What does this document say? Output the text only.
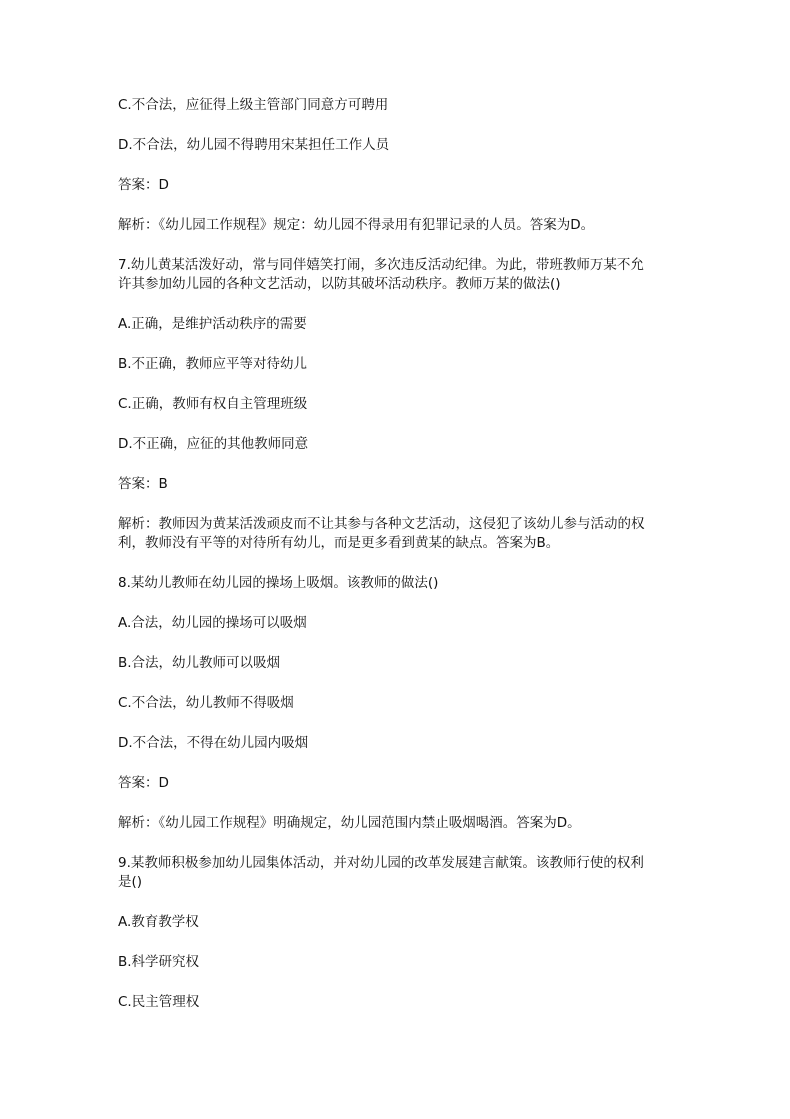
C.不合法，应征得上级主管部门同意方可聘用

D.不合法，幼儿园不得聘用宋某担任工作人员

答案：D

解析：《幼儿园工作规程》规定：幼儿园不得录用有犯罪记录的人员。答案为D。

7.幼儿黄某活泼好动，常与同伴嬉笑打闹，多次违反活动纪律。为此，带班教师万某不允
许其参加幼儿园的各种文艺活动，以防其破坏活动秩序。教师万某的做法()

A.正确，是维护活动秩序的需要

B.不正确，教师应平等对待幼儿

C.正确，教师有权自主管理班级

D.不正确，应征的其他教师同意

答案：B

解析：教师因为黄某活泼顽皮而不让其参与各种文艺活动，这侵犯了该幼儿参与活动的权
利，教师没有平等的对待所有幼儿，而是更多看到黄某的缺点。答案为B。

8.某幼儿教师在幼儿园的操场上吸烟。该教师的做法()

A.合法，幼儿园的操场可以吸烟

B.合法，幼儿教师可以吸烟

C.不合法，幼儿教师不得吸烟

D.不合法，不得在幼儿园内吸烟

答案：D

解析：《幼儿园工作规程》明确规定，幼儿园范围内禁止吸烟喝酒。答案为D。

9.某教师积极参加幼儿园集体活动，并对幼儿园的改革发展建言献策。该教师行使的权利
是()

A.教育教学权

B.科学研究权

C.民主管理权
